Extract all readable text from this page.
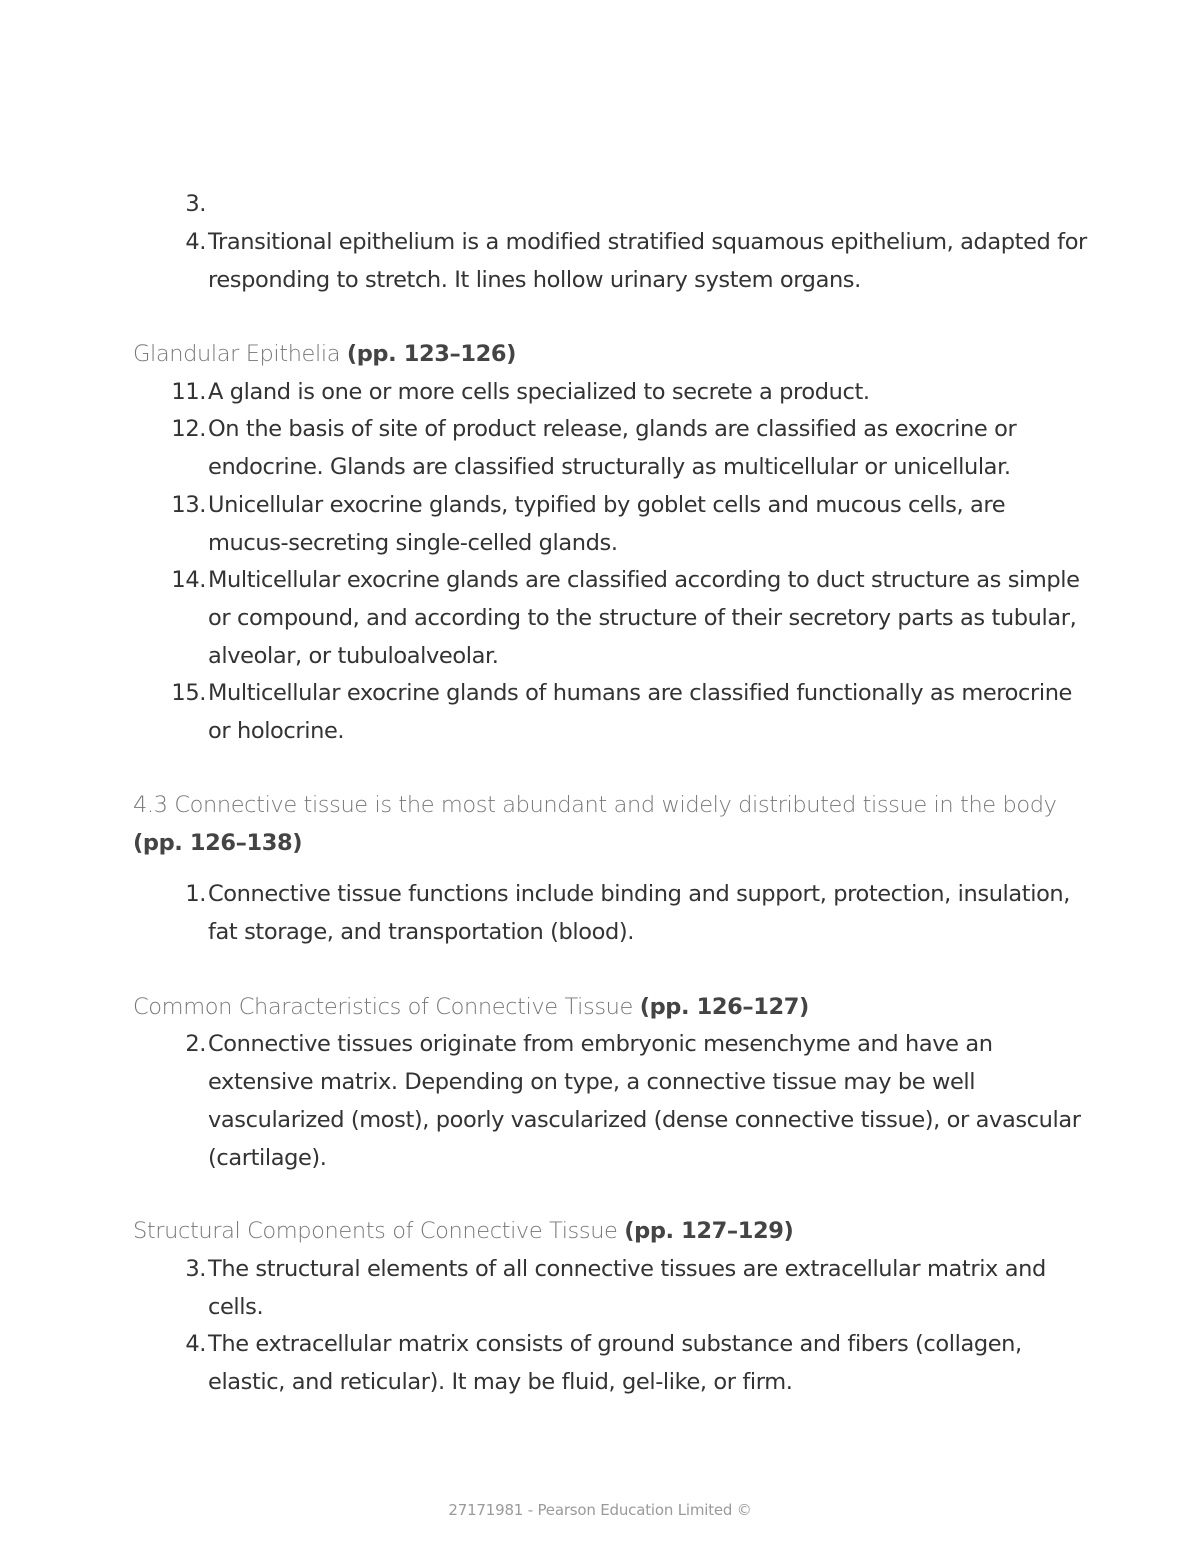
3.
4. Transitional epithelium is a modified stratified squamous epithelium, adapted for responding to stretch. It lines hollow urinary system organs.
Glandular Epithelia (pp. 123–126)
11. A gland is one or more cells specialized to secrete a product.
12. On the basis of site of product release, glands are classified as exocrine or endocrine. Glands are classified structurally as multicellular or unicellular.
13. Unicellular exocrine glands, typified by goblet cells and mucous cells, are mucus-secreting single-celled glands.
14. Multicellular exocrine glands are classified according to duct structure as simple or compound, and according to the structure of their secretory parts as tubular, alveolar, or tubuloalveolar.
15. Multicellular exocrine glands of humans are classified functionally as merocrine or holocrine.
4.3 Connective tissue is the most abundant and widely distributed tissue in the body (pp. 126–138)
1. Connective tissue functions include binding and support, protection, insulation, fat storage, and transportation (blood).
Common Characteristics of Connective Tissue (pp. 126–127)
2. Connective tissues originate from embryonic mesenchyme and have an extensive matrix. Depending on type, a connective tissue may be well vascularized (most), poorly vascularized (dense connective tissue), or avascular (cartilage).
Structural Components of Connective Tissue (pp. 127–129)
3. The structural elements of all connective tissues are extracellular matrix and cells.
4. The extracellular matrix consists of ground substance and fibers (collagen, elastic, and reticular). It may be fluid, gel-like, or firm.
27171981 - Pearson Education Limited ©
